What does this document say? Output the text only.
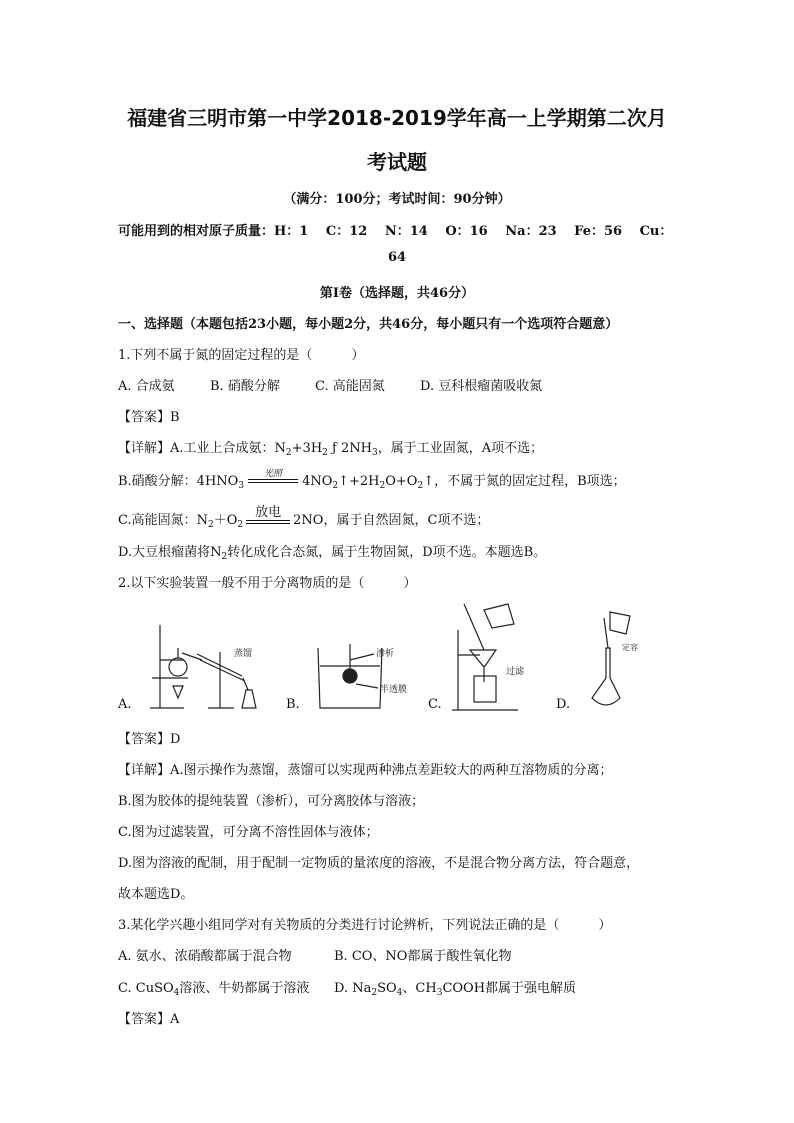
福建省三明市第一中学2018-2019学年高一上学期第二次月
考试题
（满分：100分；考试时间：90分钟）
可能用到的相对原子质量：H：1　 C：12　 N：14　 O：16　 Na：23　 Fe：56　 Cu：
64
第Ⅰ卷（选择题，共46分）
一、选择题（本题包括23小题，每小题2分，共46分，每小题只有一个选项符合题意）
1.下列不属于氮的固定过程的是（　　　）
A. 合成氨	B. 硝酸分解	C. 高能固氮	D. 豆科根瘤菌吸收氮
【答案】B
【详解】A.工业上合成氨：$N_2+3H_2$ ƒ $2NH_3$，属于工业固氮，A项不选；
B.硝酸分解：$4HNO_3$
光照
$4NO_2↑+2H_2O+O_2↑$，不属于氮的固定过程，B项选；
C.高能固氮：$N_2+O_2$
放电
2NO，属于自然固氮，C项不选；
D.大豆根瘤菌将$N_2$转化成化合态氮，属于生物固氮，D项不选。本题选B。
2.以下实验装置一般不用于分离物质的是（　　　）
A.	B.	C.	D.
蒸馏	渗析
半透膜
过滤
定容
【答案】D
【详解】A.图示操作为蒸馏，蒸馏可以实现两种沸点差距较大的两种互溶物质的分离；
B.图为胶体的提纯装置（渗析），可分离胶体与溶液；
C.图为过滤装置，可分离不溶性固体与液体；
D.图为溶液的配制，用于配制一定物质的量浓度的溶液，不是混合物分离方法，符合题意，
故本题选D。
3.某化学兴趣小组同学对有关物质的分类进行讨论辨析，下列说法正确的是（　　　）
A. 氨水、浓硝酸都属于混合物	B. CO、NO都属于酸性氧化物
C. CuSO$_4$溶液、牛奶都属于溶液 D. $Na_2SO_4$、$CH_3COOH$都属于强电解质
【答案】A
